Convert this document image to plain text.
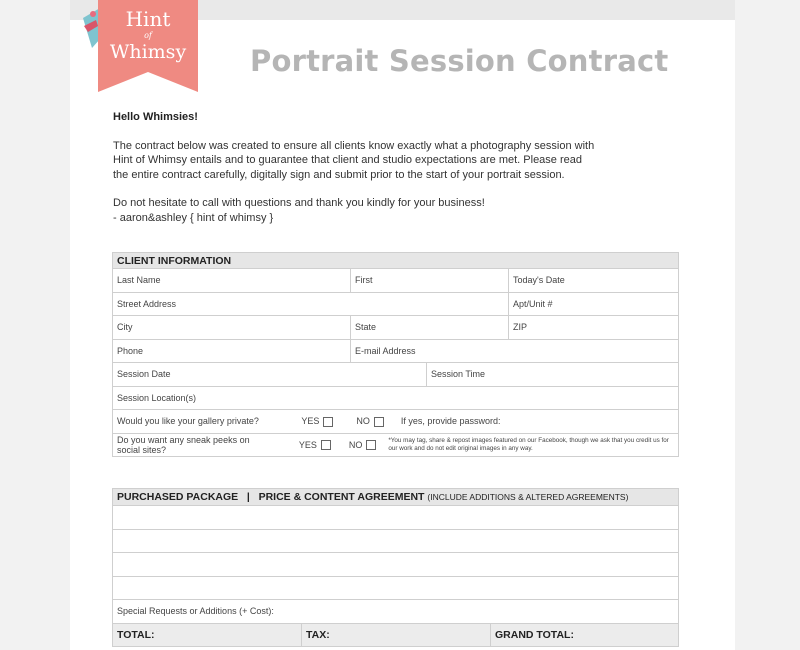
Hint
of
Whimsy Portrait Session Contract
Hello Whimsies!

The contract below was created to ensure all clients know exactly what a photography session with
Hint of Whimsy entails and to guarantee that client and studio expectations are met. Please read
the entire contract carefully, digitally sign and submit prior to the start of your portrait session.

Do not hesitate to call with questions and thank you kindly for your business!
- aaron&ashley { hint of whimsy }

CLIENT INFORMATION			
Last Name	First		Today's Date
Street Address			Apt/Unit #
City	State		ZIP
Phone	E-mail Address		
Session Date		Session Time	
Session Location(s)			
Would you like your gallery private? YES NO If yes, provide password:			

Do you want any sneak peeks on social sites? YES NO *You may tag, share & repost images featured on our Facebook, though we ask that you credit us for our work and do not edit original images in any way.			
PURCHASED PACKAGE   |   PRICE & CONTENT AGREEMENT (INCLUDE ADDITIONS & ALTERED AGREEMENTS)

Special Requests or Additions (+ Cost):
TOTAL:	TAX:	GRAND TOTAL:
